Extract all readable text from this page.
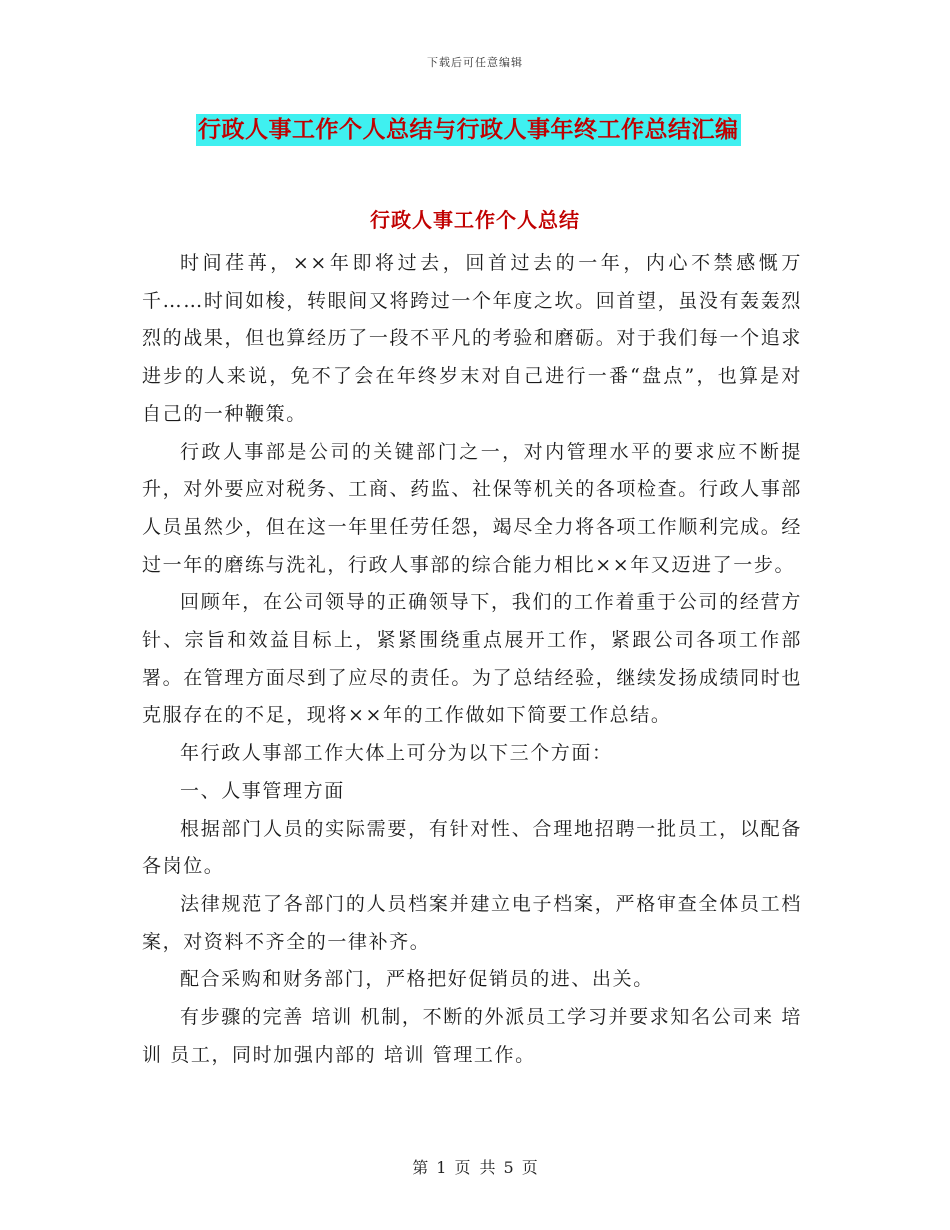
下载后可任意编辑
行政人事工作个人总结与行政人事年终工作总结汇编
行政人事工作个人总结

时间荏苒，××年即将过去，回首过去的一年，内心不禁感慨万千……时间如梭，转眼间又将跨过一个年度之坎。回首望，虽没有轰轰烈烈的战果，但也算经历了一段不平凡的考验和磨砺。对于我们每一个追求进步的人来说，免不了会在年终岁末对自己进行一番“盘点”，也算是对自己的一种鞭策。

行政人事部是公司的关键部门之一，对内管理水平的要求应不断提升，对外要应对税务、工商、药监、社保等机关的各项检查。行政人事部人员虽然少，但在这一年里任劳任怨，竭尽全力将各项工作顺利完成。经过一年的磨练与洗礼，行政人事部的综合能力相比××年又迈进了一步。

回顾年，在公司领导的正确领导下，我们的工作着重于公司的经营方针、宗旨和效益目标上，紧紧围绕重点展开工作，紧跟公司各项工作部署。在管理方面尽到了应尽的责任。为了总结经验，继续发扬成绩同时也克服存在的不足，现将××年的工作做如下简要工作总结。

年行政人事部工作大体上可分为以下三个方面：

一、人事管理方面

根据部门人员的实际需要，有针对性、合理地招聘一批员工，以配备各岗位。

法律规范了各部门的人员档案并建立电子档案，严格审查全体员工档案，对资料不齐全的一律补齐。

配合采购和财务部门，严格把好促销员的进、出关。

有步骤的完善 培训 机制，不断的外派员工学习并要求知名公司来 培训 员工，同时加强内部的 培训 管理工作。

第 1 页 共 5 页
